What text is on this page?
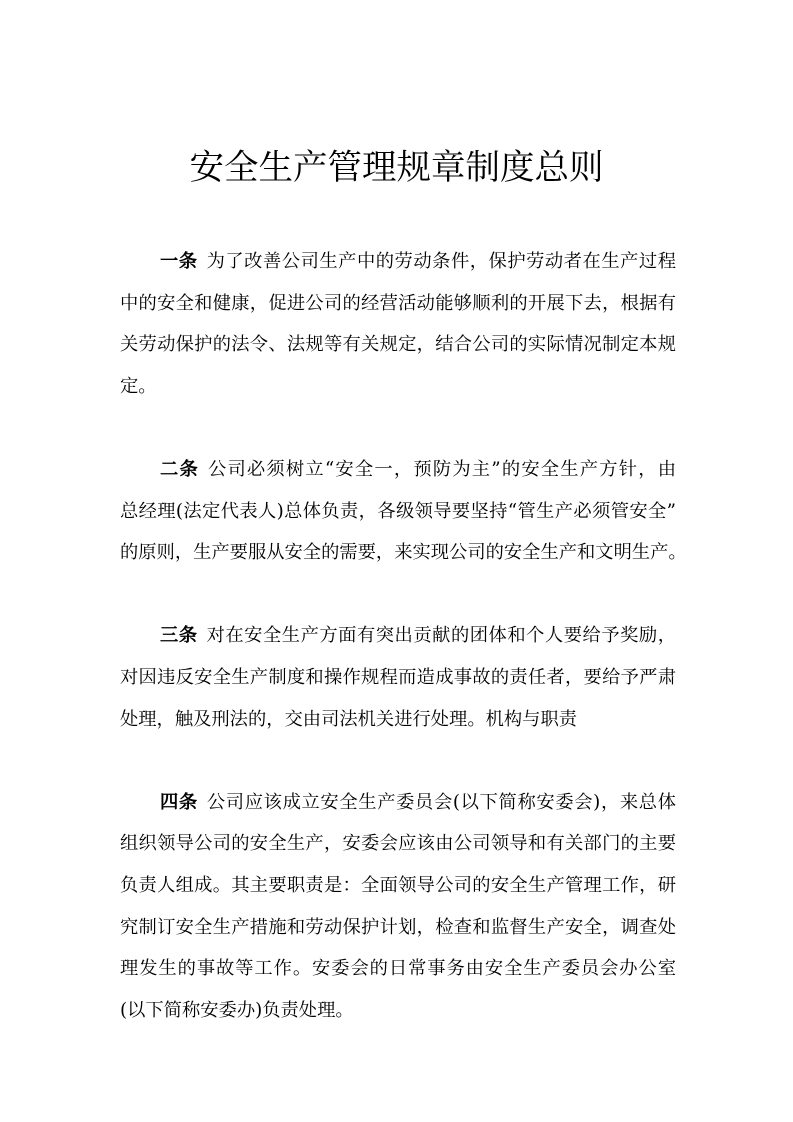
安全生产管理规章制度总则
一条 为了改善公司生产中的劳动条件，保护劳动者在生产过程
中的安全和健康，促进公司的经营活动能够顺利的开展下去，根据有
关劳动保护的法令、法规等有关规定，结合公司的实际情况制定本规
定。
二条 公司必须树立“安全一，预防为主”的安全生产方针，由
总经理(法定代表人)总体负责，各级领导要坚持“管生产必须管安全”
的原则，生产要服从安全的需要，来实现公司的安全生产和文明生产。
三条 对在安全生产方面有突出贡献的团体和个人要给予奖励，
对因违反安全生产制度和操作规程而造成事故的责任者，要给予严肃
处理，触及刑法的，交由司法机关进行处理。机构与职责
四条 公司应该成立安全生产委员会(以下简称安委会)，来总体
组织领导公司的安全生产，安委会应该由公司领导和有关部门的主要
负责人组成。其主要职责是：全面领导公司的安全生产管理工作，研
究制订安全生产措施和劳动保护计划，检查和监督生产安全，调查处
理发生的事故等工作。安委会的日常事务由安全生产委员会办公室
(以下简称安委办)负责处理。
